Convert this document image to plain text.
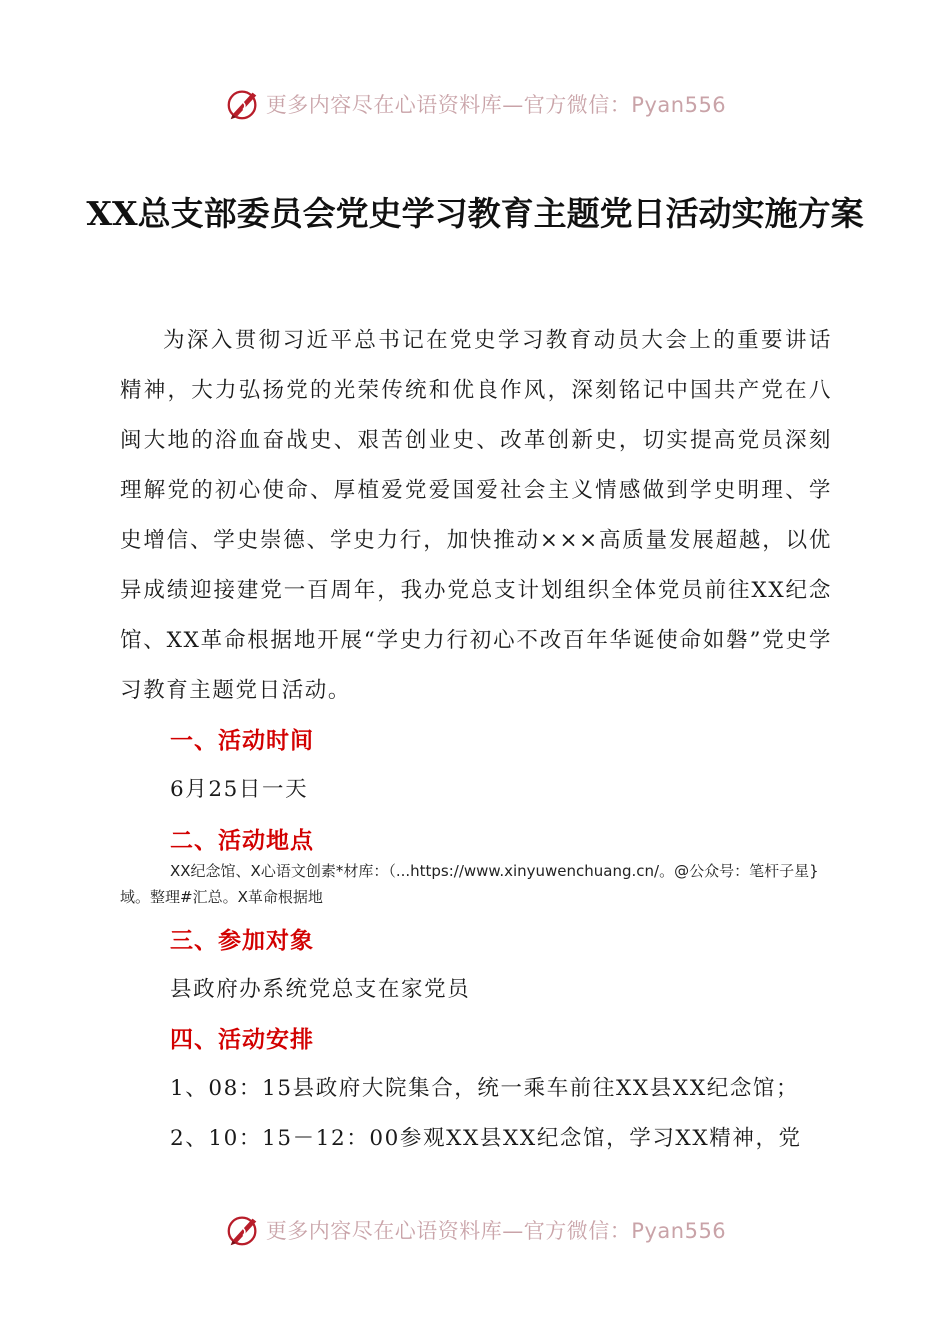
更多内容尽在心语资料库—官方微信：Pyan556
XX总支部委员会党史学习教育主题党日活动实施方案
为深入贯彻习近平总书记在党史学习教育动员大会上的重要讲话精神，大力弘扬党的光荣传统和优良作风，深刻铭记中国共产党在八闽大地的浴血奋战史、艰苦创业史、改革创新史，切实提高党员深刻理解党的初心使命、厚植爱党爱国爱社会主义情感做到学史明理、学史增信、学史崇德、学史力行，加快推动×××高质量发展超越，以优异成绩迎接建党一百周年，我办党总支计划组织全体党员前往XX纪念馆、XX革命根据地开展“学史力行初心不改百年华诞使命如磐”党史学习教育主题党日活动。
一、活动时间
6月25日一天
二、活动地点
XX纪念馆、X心语文创素*材库：（...https://www.xinyuwenchuang.cn/。@公众号：笔杆子星}域。整理#汇总。X革命根据地
三、参加对象
县政府办系统党总支在家党员
四、活动安排
1、08：15县政府大院集合，统一乘车前往XX县XX纪念馆；
2、10：15－12：00参观XX县XX纪念馆，学习XX精神，党
更多内容尽在心语资料库—官方微信：Pyan556
